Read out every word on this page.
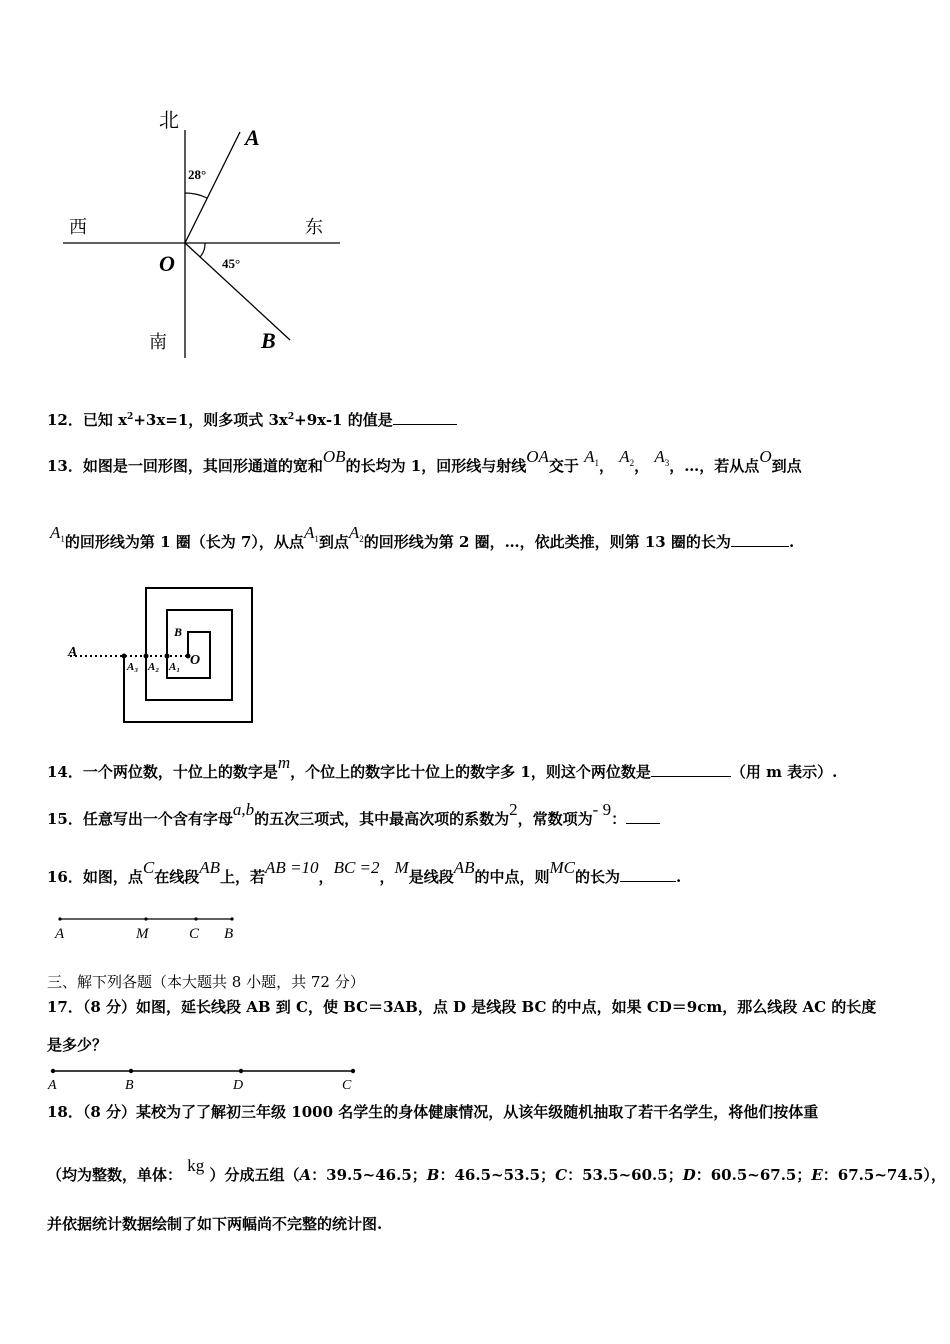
北
南
西	东
O
A
B
28°
45°
12．已知 $x^2+3x=1$，则多项式 $3x^2+9x-1$ 的值是
13．如图是一回形图，其回形通道的宽和OB的长均为 1，回形线与射线OA交于 $A_1$， $A_2$， $A_3$，…，若从点O到点
$A_1$的回形线为第 1 圈（长为 7），从点$A_1$到点$A_2$的回形线为第 2 圈，…，依此类推，则第 13 圈的长为	.
A
B
O
A₁
A₂
A₃
14．一个两位数，十位上的数字是m，个位上的数字比十位上的数字多 1，则这个两位数是	（用 m 表示）.
15．任意写出一个含有字母a,b的五次三项式，其中最高次项的系数为2，常数项为- 9：
16．如图，点C在线段AB上，若AB =10，BC =2，M是线段AB的中点，则MC的长为	.
A	M	C B
三、解下列各题（本大题共 8 小题，共 72 分）
17．（8 分）如图，延长线段 AB 到 C，使 BC＝3AB，点 D 是线段 BC 的中点，如果 CD＝9cm，那么线段 AC 的长度
是多少？
A	B	D	C
18．（8 分）某校为了了解初三年级 1000 名学生的身体健康情况，从该年级随机抽取了若干名学生，将他们按体重
（均为整数，单体： kg ）分成五组（A：39.5~46.5；B：46.5~53.5；C：53.5~60.5；D：60.5~67.5；E：67.5~74.5），
并依据统计数据绘制了如下两幅尚不完整的统计图.
